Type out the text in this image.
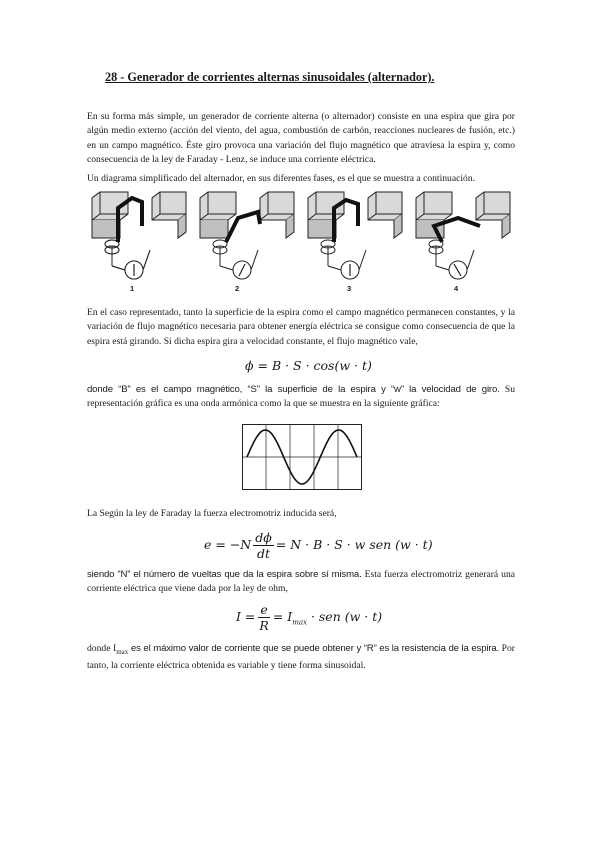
28 - Generador de corrientes alternas sinusoidales (alternador).

En su forma más simple, un generador de corriente alterna (o alternador) consiste en una espira que gira por algún medio externo (acción del viento, del agua, combustión de carbón, reacciones nucleares de fusión, etc.) en un campo magnético. Éste giro provoca una variación del flujo magnético que atraviesa la espira y, como consecuencia de la ley de Faraday - Lenz, se induce una corriente eléctrica.

Un diagrama simplificado del alternador, en sus diferentes fases, es el que se muestra a continuación.

1	2	3	4

En el caso representado, tanto la superficie de la espira como el campo magnético permanecen constantes, y la variación de flujo magnético necesaria para obtener energía eléctrica se consigue como consecuencia de que la espira está girando. Si dicha espira gira a velocidad constante, el flujo magnético vale,

ϕ = B · S · cos(w · t)

donde “B” es el campo magnético, “S” la superficie de la espira y “w” la velocidad de giro. Su representación gráfica es una onda armónica como la que se muestra en la siguiente gráfica:

La Según la ley de Faraday la fuerza electromotriz inducida será,

$e = -N \frac{d\phi}{dt} = N \cdot B \cdot S \cdot w$ sen (w · t)

siendo “N” el número de vueltas que da la espira sobre sí misma. Esta fuerza electromotriz generará una corriente eléctrica que viene dada por la ley de ohm,

$I = \frac{e}{R} = I_{max}$ · sen (w · t)

donde $I_{max}$ es el máximo valor de corriente que se puede obtener y “R” es la resistencia de la espira. Por tanto, la corriente eléctrica obtenida es variable y tiene forma sinusoidal.
